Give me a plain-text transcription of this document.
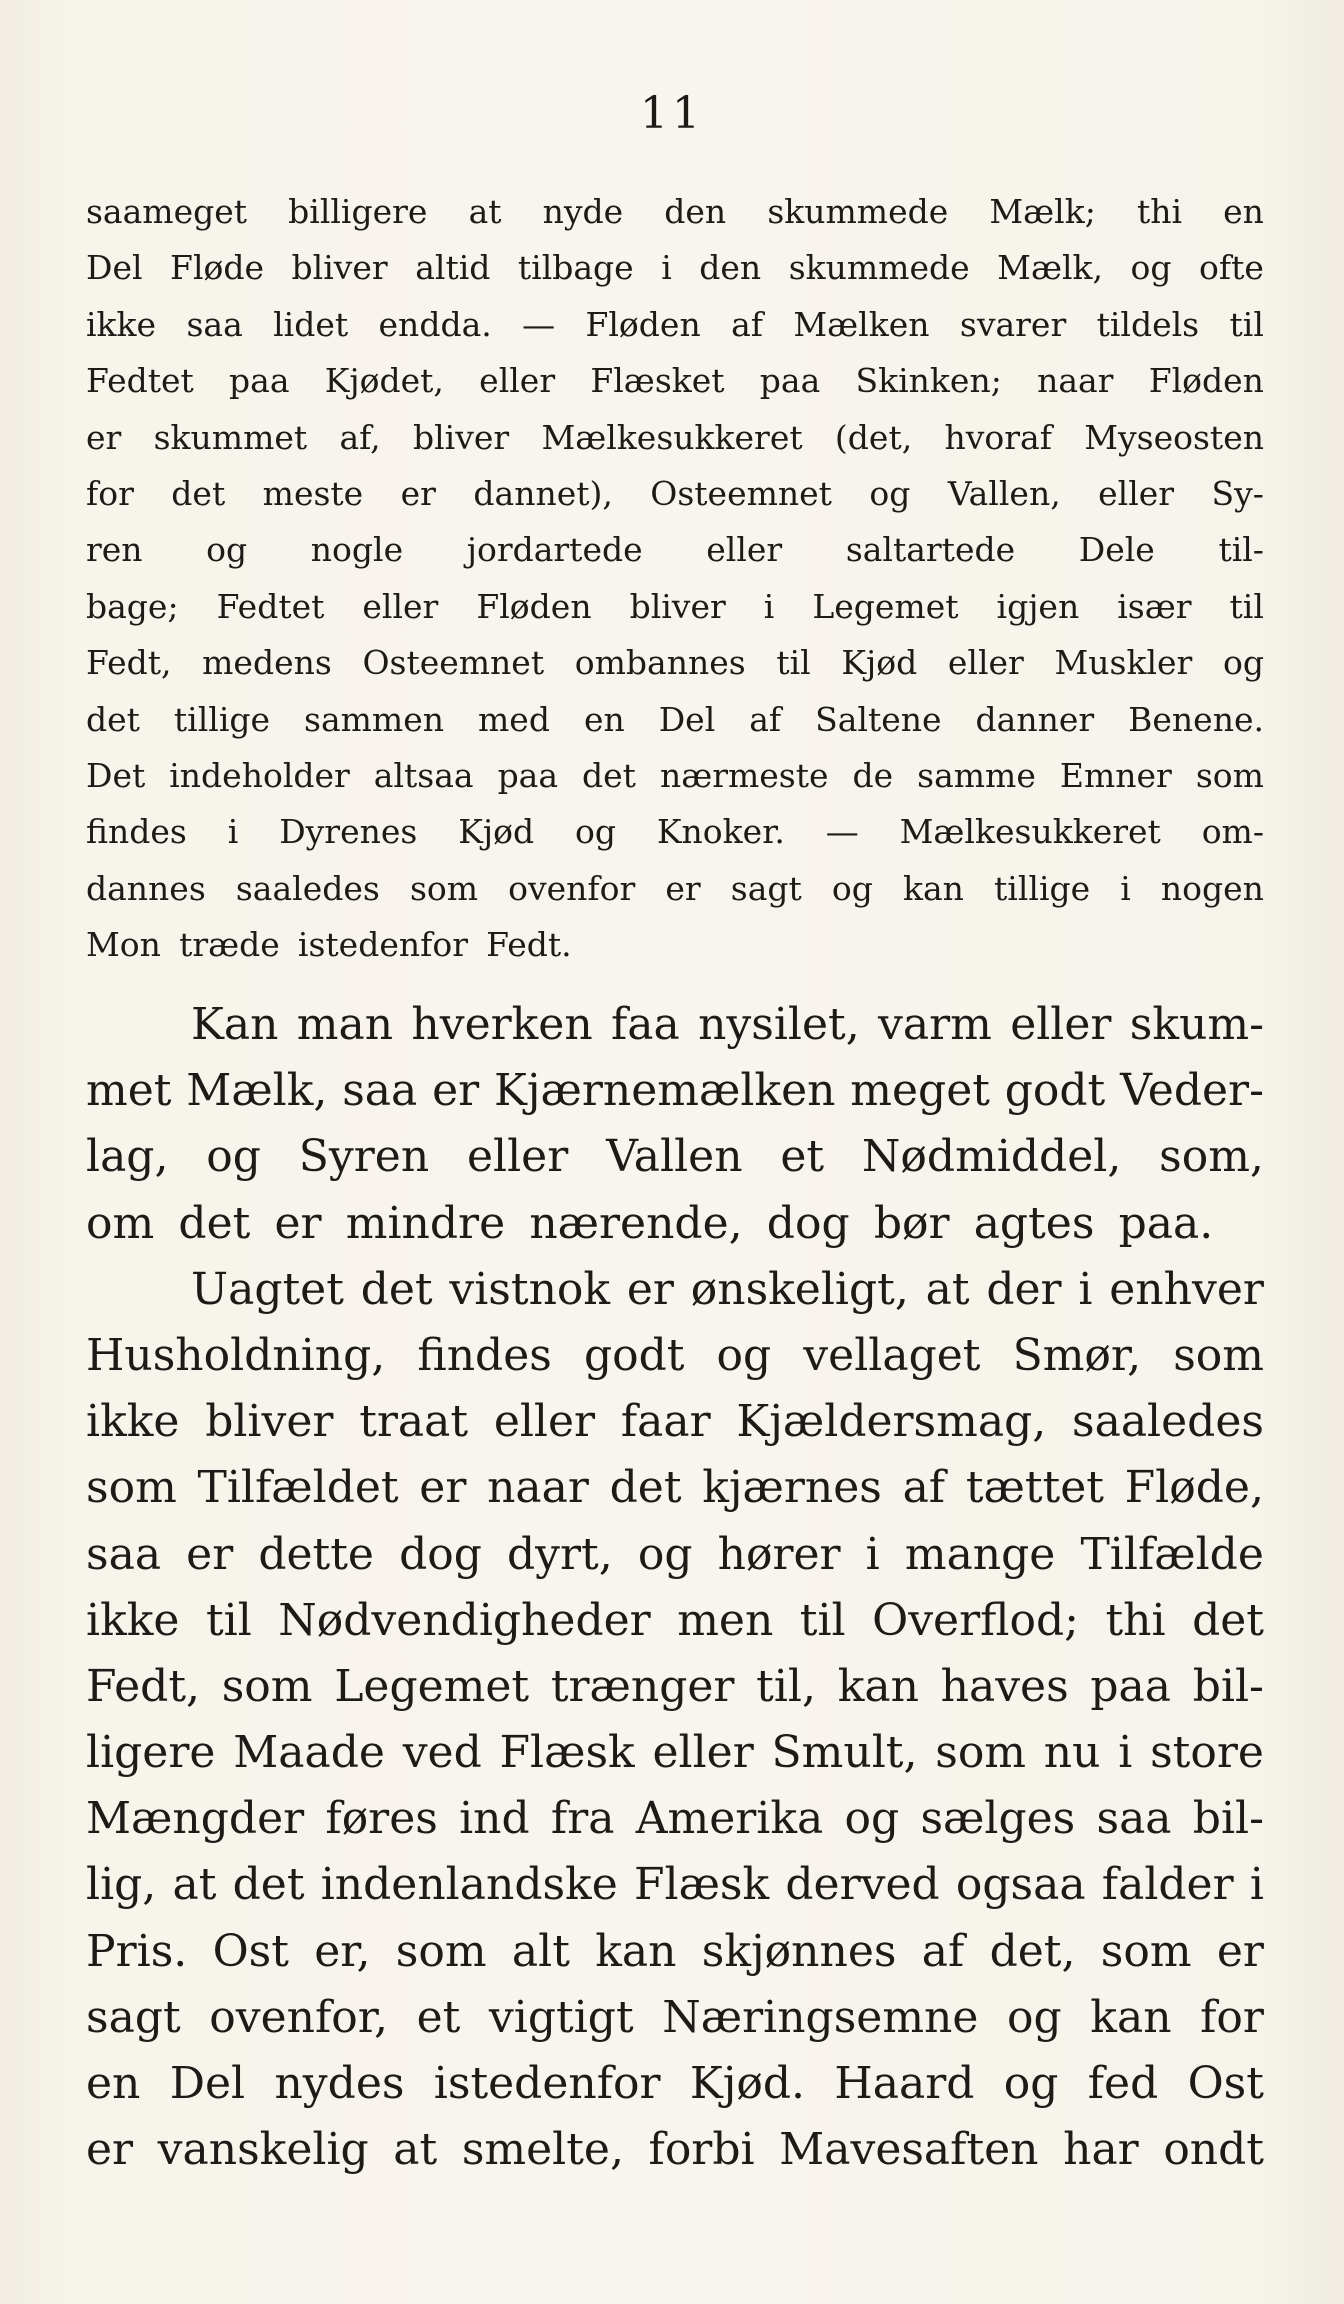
11
saameget billigere at nyde den skummede Mælk; thi en
Del Fløde bliver altid tilbage i den skummede Mælk, og ofte
ikke saa lidet endda. — Fløden af Mælken svarer tildels til
Fedtet paa Kjødet, eller Flæsket paa Skinken; naar Fløden
er skummet af, bliver Mælkesukkeret (det, hvoraf Myseosten
for det meste er dannet), Osteemnet og Vallen, eller Sy-
ren og nogle jordartede eller saltartede Dele til-
bage; Fedtet eller Fløden bliver i Legemet igjen især til
Fedt, medens Osteemnet ombannes til Kjød eller Muskler og
det tillige sammen med en Del af Saltene danner Benene.
Det indeholder altsaa paa det nærmeste de samme Emner som
findes i Dyrenes Kjød og Knoker. — Mælkesukkeret om-
dannes saaledes som ovenfor er sagt og kan tillige i nogen
Mon træde istedenfor Fedt.
Kan man hverken faa nysilet, varm eller skum-
met Mælk, saa er Kjærnemælken meget godt Veder-
lag, og Syren eller Vallen et Nødmiddel, som,
om det er mindre nærende, dog bør agtes paa.
Uagtet det vistnok er ønskeligt, at der i enhver
Husholdning, findes godt og vellaget Smør, som
ikke bliver traat eller faar Kjældersmag, saaledes
som Tilfældet er naar det kjærnes af tættet Fløde,
saa er dette dog dyrt, og hører i mange Tilfælde
ikke til Nødvendigheder men til Overflod; thi det
Fedt, som Legemet trænger til, kan haves paa bil-
ligere Maade ved Flæsk eller Smult, som nu i store
Mængder føres ind fra Amerika og sælges saa bil-
lig, at det indenlandske Flæsk derved ogsaa falder i
Pris. Ost er, som alt kan skjønnes af det, som er
sagt ovenfor, et vigtigt Næringsemne og kan for
en Del nydes istedenfor Kjød. Haard og fed Ost
er vanskelig at smelte, forbi Mavesaften har ondt
